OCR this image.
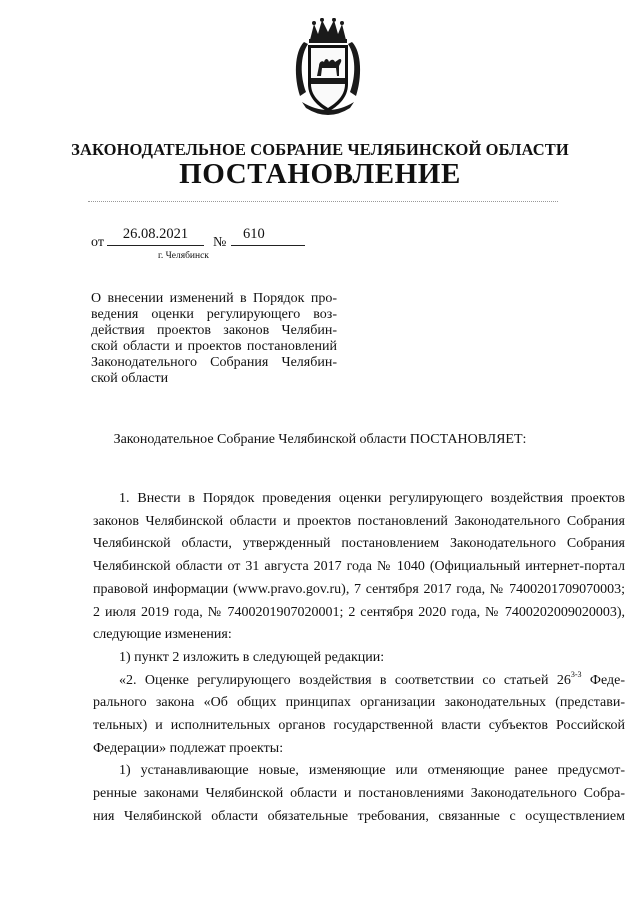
ЗАКОНОДАТЕЛЬНОЕ СОБРАНИЕ ЧЕЛЯБИНСКОЙ ОБЛАСТИ
ПОСТАНОВЛЕНИЕ
от
26.08.2021
№
610
г. Челябинск
О внесении изменений в Порядок про-
ведения оценки регулирующего воз-
действия проектов законов Челябин-
ской области и проектов постановлений
Законодательного Собрания Челябин-
ской области
Законодательное Собрание Челябинской области ПОСТАНОВЛЯЕТ:
1. Внести в Порядок проведения оценки регулирующего воздействия проектов
законов Челябинской области и проектов постановлений Законодательного Собрания
Челябинской области, утвержденный постановлением Законодательного Собрания
Челябинской области от 31 августа 2017 года № 1040 (Официальный интернет-портал
правовой информации (www.pravo.gov.ru), 7 сентября 2017 года, № 7400201709070003;
2 июля 2019 года, № 7400201907020001; 2 сентября 2020 года, № 7400202009020003),
следующие изменения:
1) пункт 2 изложить в следующей редакции:
«2. Оценке регулирующего воздействия в соответствии со статьей 26$^{3-3}$ Феде-
рального закона «Об общих принципах организации законодательных (представи-
тельных) и исполнительных органов государственной власти субъектов Российской
Федерации» подлежат проекты:
1) устанавливающие новые, изменяющие или отменяющие ранее предусмот-
ренные законами Челябинской области и постановлениями Законодательного Собра-
ния Челябинской области обязательные требования, связанные с осуществлением
